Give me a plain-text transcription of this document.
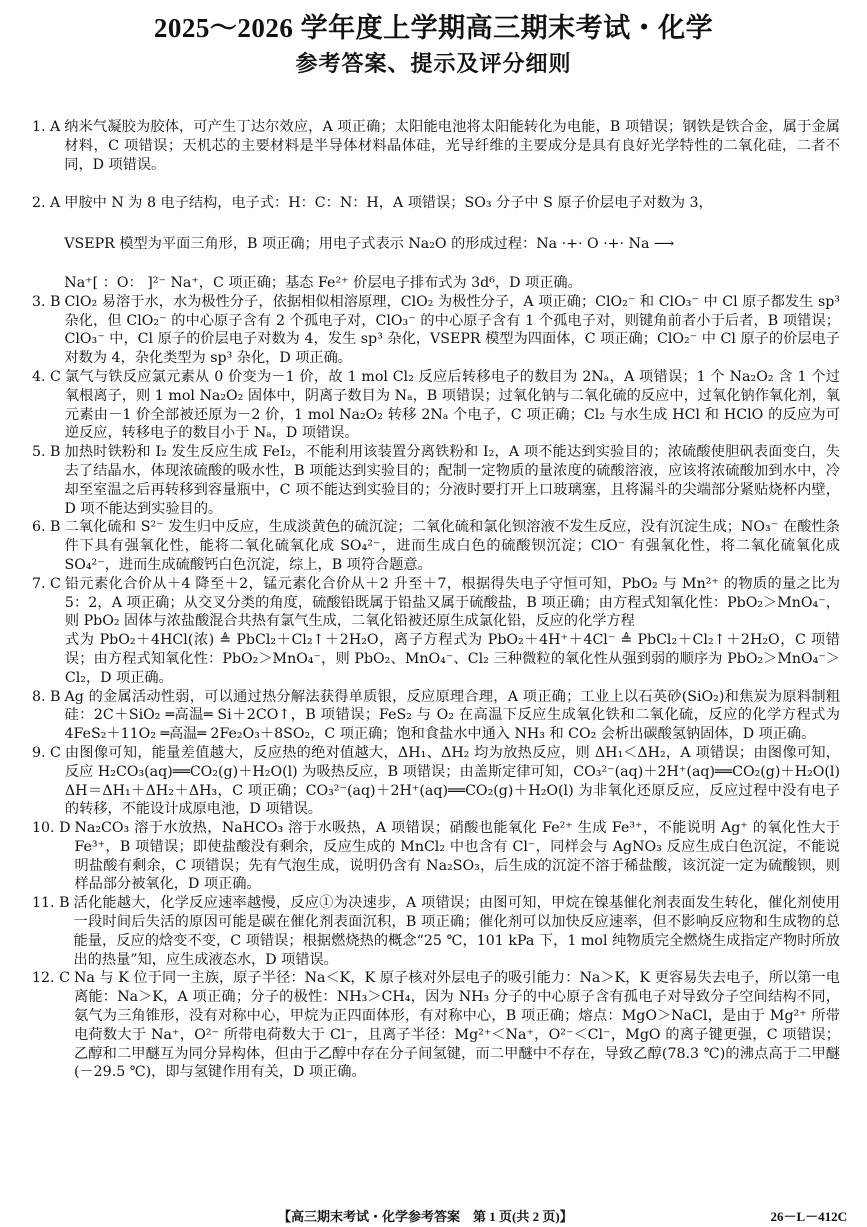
2025～2026 学年度上学期高三期末考试・化学
参考答案、提示及评分细则
1. A 纳米气凝胶为胶体，可产生丁达尔效应，A 项正确；太阳能电池将太阳能转化为电能，B 项错误；钢铁是铁合金，属于金属材料，C 项错误；天机芯的主要材料是半导体材料晶体硅，光导纤维的主要成分是具有良好光学特性的二氧化硅，二者不同，D 项错误。
2. A 甲胺中 N 为 8 电子结构，电子式：H：C：N：H，A 项错误；SO₃ 分子中 S 原子价层电子对数为 3，

VSEPR 模型为平面三角形，B 项正确；用电子式表示 Na₂O 的形成过程：Na ·+· O ·+· Na ⟶

Na⁺[ ：O： ]²⁻ Na⁺，C 项正确；基态 Fe²⁺ 价层电子排布式为 3d⁶，D 项正确。

3. B ClO₂ 易溶于水，水为极性分子，依据相似相溶原理，ClO₂ 为极性分子，A 项正确；ClO₂⁻ 和 ClO₃⁻ 中 Cl 原子都发生 sp³ 杂化，但 ClO₂⁻ 的中心原子含有 2 个孤电子对，ClO₃⁻ 的中心原子含有 1 个孤电子对，则键角前者小于后者，B 项错误；ClO₃⁻ 中，Cl 原子的价层电子对数为 4，发生 sp³ 杂化，VSEPR 模型为四面体，C 项正确；ClO₂⁻ 中 Cl 原子的价层电子对数为 4，杂化类型为 sp³ 杂化，D 项正确。
4. C 氯气与铁反应氯元素从 0 价变为－1 价，故 1 mol Cl₂ 反应后转移电子的数目为 2Nₐ，A 项错误；1 个 Na₂O₂ 含 1 个过氧根离子，则 1 mol Na₂O₂ 固体中，阴离子数目为 Nₐ，B 项错误；过氧化钠与二氧化硫的反应中，过氧化钠作氧化剂，氧元素由－1 价全部被还原为－2 价，1 mol Na₂O₂ 转移 2Nₐ 个电子，C 项正确；Cl₂ 与水生成 HCl 和 HClO 的反应为可逆反应，转移电子的数目小于 Nₐ，D 项错误。
5. B 加热时铁粉和 I₂ 发生反应生成 FeI₂，不能利用该装置分离铁粉和 I₂，A 项不能达到实验目的；浓硫酸使胆矾表面变白，失去了结晶水，体现浓硫酸的吸水性，B 项能达到实验目的；配制一定物质的量浓度的硫酸溶液，应该将浓硫酸加到水中，冷却至室温之后再转移到容量瓶中，C 项不能达到实验目的；分液时要打开上口玻璃塞，且将漏斗的尖端部分紧贴烧杯内壁，D 项不能达到实验目的。
6. B 二氧化硫和 S²⁻ 发生归中反应，生成淡黄色的硫沉淀；二氧化硫和氯化钡溶液不发生反应，没有沉淀生成；NO₃⁻ 在酸性条件下具有强氧化性，能将二氧化硫氧化成 SO₄²⁻，进而生成白色的硫酸钡沉淀；ClO⁻ 有强氧化性，将二氧化硫氧化成 SO₄²⁻，进而生成硫酸钙白色沉淀，综上，B 项符合题意。
7. C 铅元素化合价从＋4 降至＋2，锰元素化合价从＋2 升至＋7，根据得失电子守恒可知，PbO₂ 与 Mn²⁺ 的物质的量之比为 5：2，A 项正确；从交叉分类的角度，硫酸铅既属于铅盐又属于硫酸盐，B 项正确；由方程式知氧化性：PbO₂＞MnO₄⁻，则 PbO₂ 固体与浓盐酸混合共热有氯气生成，二氧化铅被还原生成氯化铅，反应的化学方程

式为 PbO₂＋4HCl(浓) ≜ PbCl₂＋Cl₂↑＋2H₂O，离子方程式为 PbO₂＋4H⁺＋4Cl⁻ ≜ PbCl₂＋Cl₂↑＋2H₂O，C 项错误；由方程式知氧化性：PbO₂＞MnO₄⁻，则 PbO₂、MnO₄⁻、Cl₂ 三种微粒的氧化性从强到弱的顺序为 PbO₂＞MnO₄⁻＞Cl₂，D 项正确。

8. B Ag 的金属活动性弱，可以通过热分解法获得单质银，反应原理合理，A 项正确；工业上以石英砂(SiO₂)和焦炭为原料制粗硅：2C＋SiO₂ ═高温═ Si＋2CO↑，B 项错误；FeS₂ 与 O₂ 在高温下反应生成氧化铁和二氧化硫，反应的化学方程式为 4FeS₂＋11O₂ ═高温═ 2Fe₂O₃＋8SO₂，C 项正确；饱和食盐水中通入 NH₃ 和 CO₂ 会析出碳酸氢钠固体，D 项正确。
9. C 由图像可知，能量差值越大，反应热的绝对值越大，ΔH₁、ΔH₂ 均为放热反应，则 ΔH₁＜ΔH₂，A 项错误；由图像可知，反应 H₂CO₃(aq)══CO₂(g)＋H₂O(l) 为吸热反应，B 项错误；由盖斯定律可知，CO₃²⁻(aq)＋2H⁺(aq)══CO₂(g)＋H₂O(l)　ΔH＝ΔH₁＋ΔH₂＋ΔH₃，C 项正确；CO₃²⁻(aq)＋2H⁺(aq)══CO₂(g)＋H₂O(l) 为非氧化还原反应，反应过程中没有电子的转移，不能设计成原电池，D 项错误。
10. D Na₂CO₃ 溶于水放热，NaHCO₃ 溶于水吸热，A 项错误；硝酸也能氧化 Fe²⁺ 生成 Fe³⁺，不能说明 Ag⁺ 的氧化性大于 Fe³⁺，B 项错误；即使盐酸没有剩余，反应生成的 MnCl₂ 中也含有 Cl⁻，同样会与 AgNO₃ 反应生成白色沉淀，不能说明盐酸有剩余，C 项错误；先有气泡生成，说明仍含有 Na₂SO₃，后生成的沉淀不溶于稀盐酸，该沉淀一定为硫酸钡，则样品部分被氧化，D 项正确。
11. B 活化能越大，化学反应速率越慢，反应①为决速步，A 项错误；由图可知，甲烷在镍基催化剂表面发生转化，催化剂使用一段时间后失活的原因可能是碳在催化剂表面沉积，B 项正确；催化剂可以加快反应速率，但不影响反应物和生成物的总能量，反应的焓变不变，C 项错误；根据燃烧热的概念“25 ℃，101 kPa 下，1 mol 纯物质完全燃烧生成指定产物时所放出的热量”知，应生成液态水，D 项错误。
12. C Na 与 K 位于同一主族，原子半径：Na＜K，K 原子核对外层电子的吸引能力：Na＞K，K 更容易失去电子，所以第一电离能：Na＞K，A 项正确；分子的极性：NH₃＞CH₄，因为 NH₃ 分子的中心原子含有孤电子对导致分子空间结构不同，氨气为三角锥形，没有对称中心，甲烷为正四面体形，有对称中心，B 项正确；熔点：MgO＞NaCl，是由于 Mg²⁺ 所带电荷数大于 Na⁺，O²⁻ 所带电荷数大于 Cl⁻，且离子半径：Mg²⁺＜Na⁺，O²⁻＜Cl⁻，MgO 的离子键更强，C 项错误；乙醇和二甲醚互为同分异构体，但由于乙醇中存在分子间氢键，而二甲醚中不存在，导致乙醇(78.3 ℃)的沸点高于二甲醚(－29.5 ℃)，即与氢键作用有关，D 项正确。
【高三期末考试・化学参考答案　第 1 页(共 2 页)】	26－L－412C
